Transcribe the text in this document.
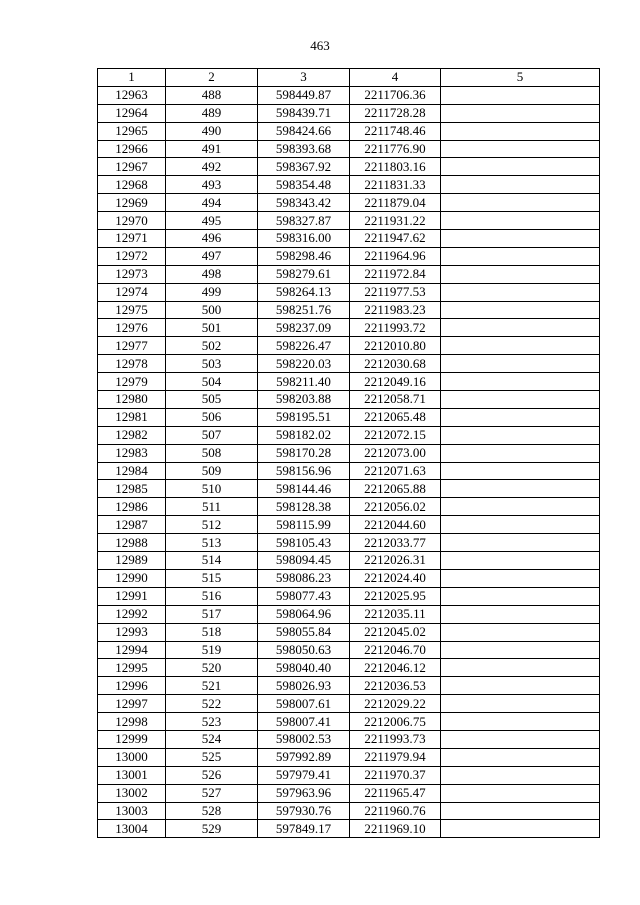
463
1	2	3	4	5
12963	488	598449.87	2211706.36	
12964	489	598439.71	2211728.28	
12965	490	598424.66	2211748.46	
12966	491	598393.68	2211776.90	
12967	492	598367.92	2211803.16	
12968	493	598354.48	2211831.33	
12969	494	598343.42	2211879.04	
12970	495	598327.87	2211931.22	
12971	496	598316.00	2211947.62	
12972	497	598298.46	2211964.96	
12973	498	598279.61	2211972.84	
12974	499	598264.13	2211977.53	
12975	500	598251.76	2211983.23	
12976	501	598237.09	2211993.72	
12977	502	598226.47	2212010.80	
12978	503	598220.03	2212030.68	
12979	504	598211.40	2212049.16	
12980	505	598203.88	2212058.71	
12981	506	598195.51	2212065.48	
12982	507	598182.02	2212072.15	
12983	508	598170.28	2212073.00	
12984	509	598156.96	2212071.63	
12985	510	598144.46	2212065.88	
12986	511	598128.38	2212056.02	
12987	512	598115.99	2212044.60	
12988	513	598105.43	2212033.77	
12989	514	598094.45	2212026.31	
12990	515	598086.23	2212024.40	
12991	516	598077.43	2212025.95	
12992	517	598064.96	2212035.11	
12993	518	598055.84	2212045.02	
12994	519	598050.63	2212046.70	
12995	520	598040.40	2212046.12	
12996	521	598026.93	2212036.53	
12997	522	598007.61	2212029.22	
12998	523	598007.41	2212006.75	
12999	524	598002.53	2211993.73	
13000	525	597992.89	2211979.94	
13001	526	597979.41	2211970.37	
13002	527	597963.96	2211965.47	
13003	528	597930.76	2211960.76	
13004	529	597849.17	2211969.10	
